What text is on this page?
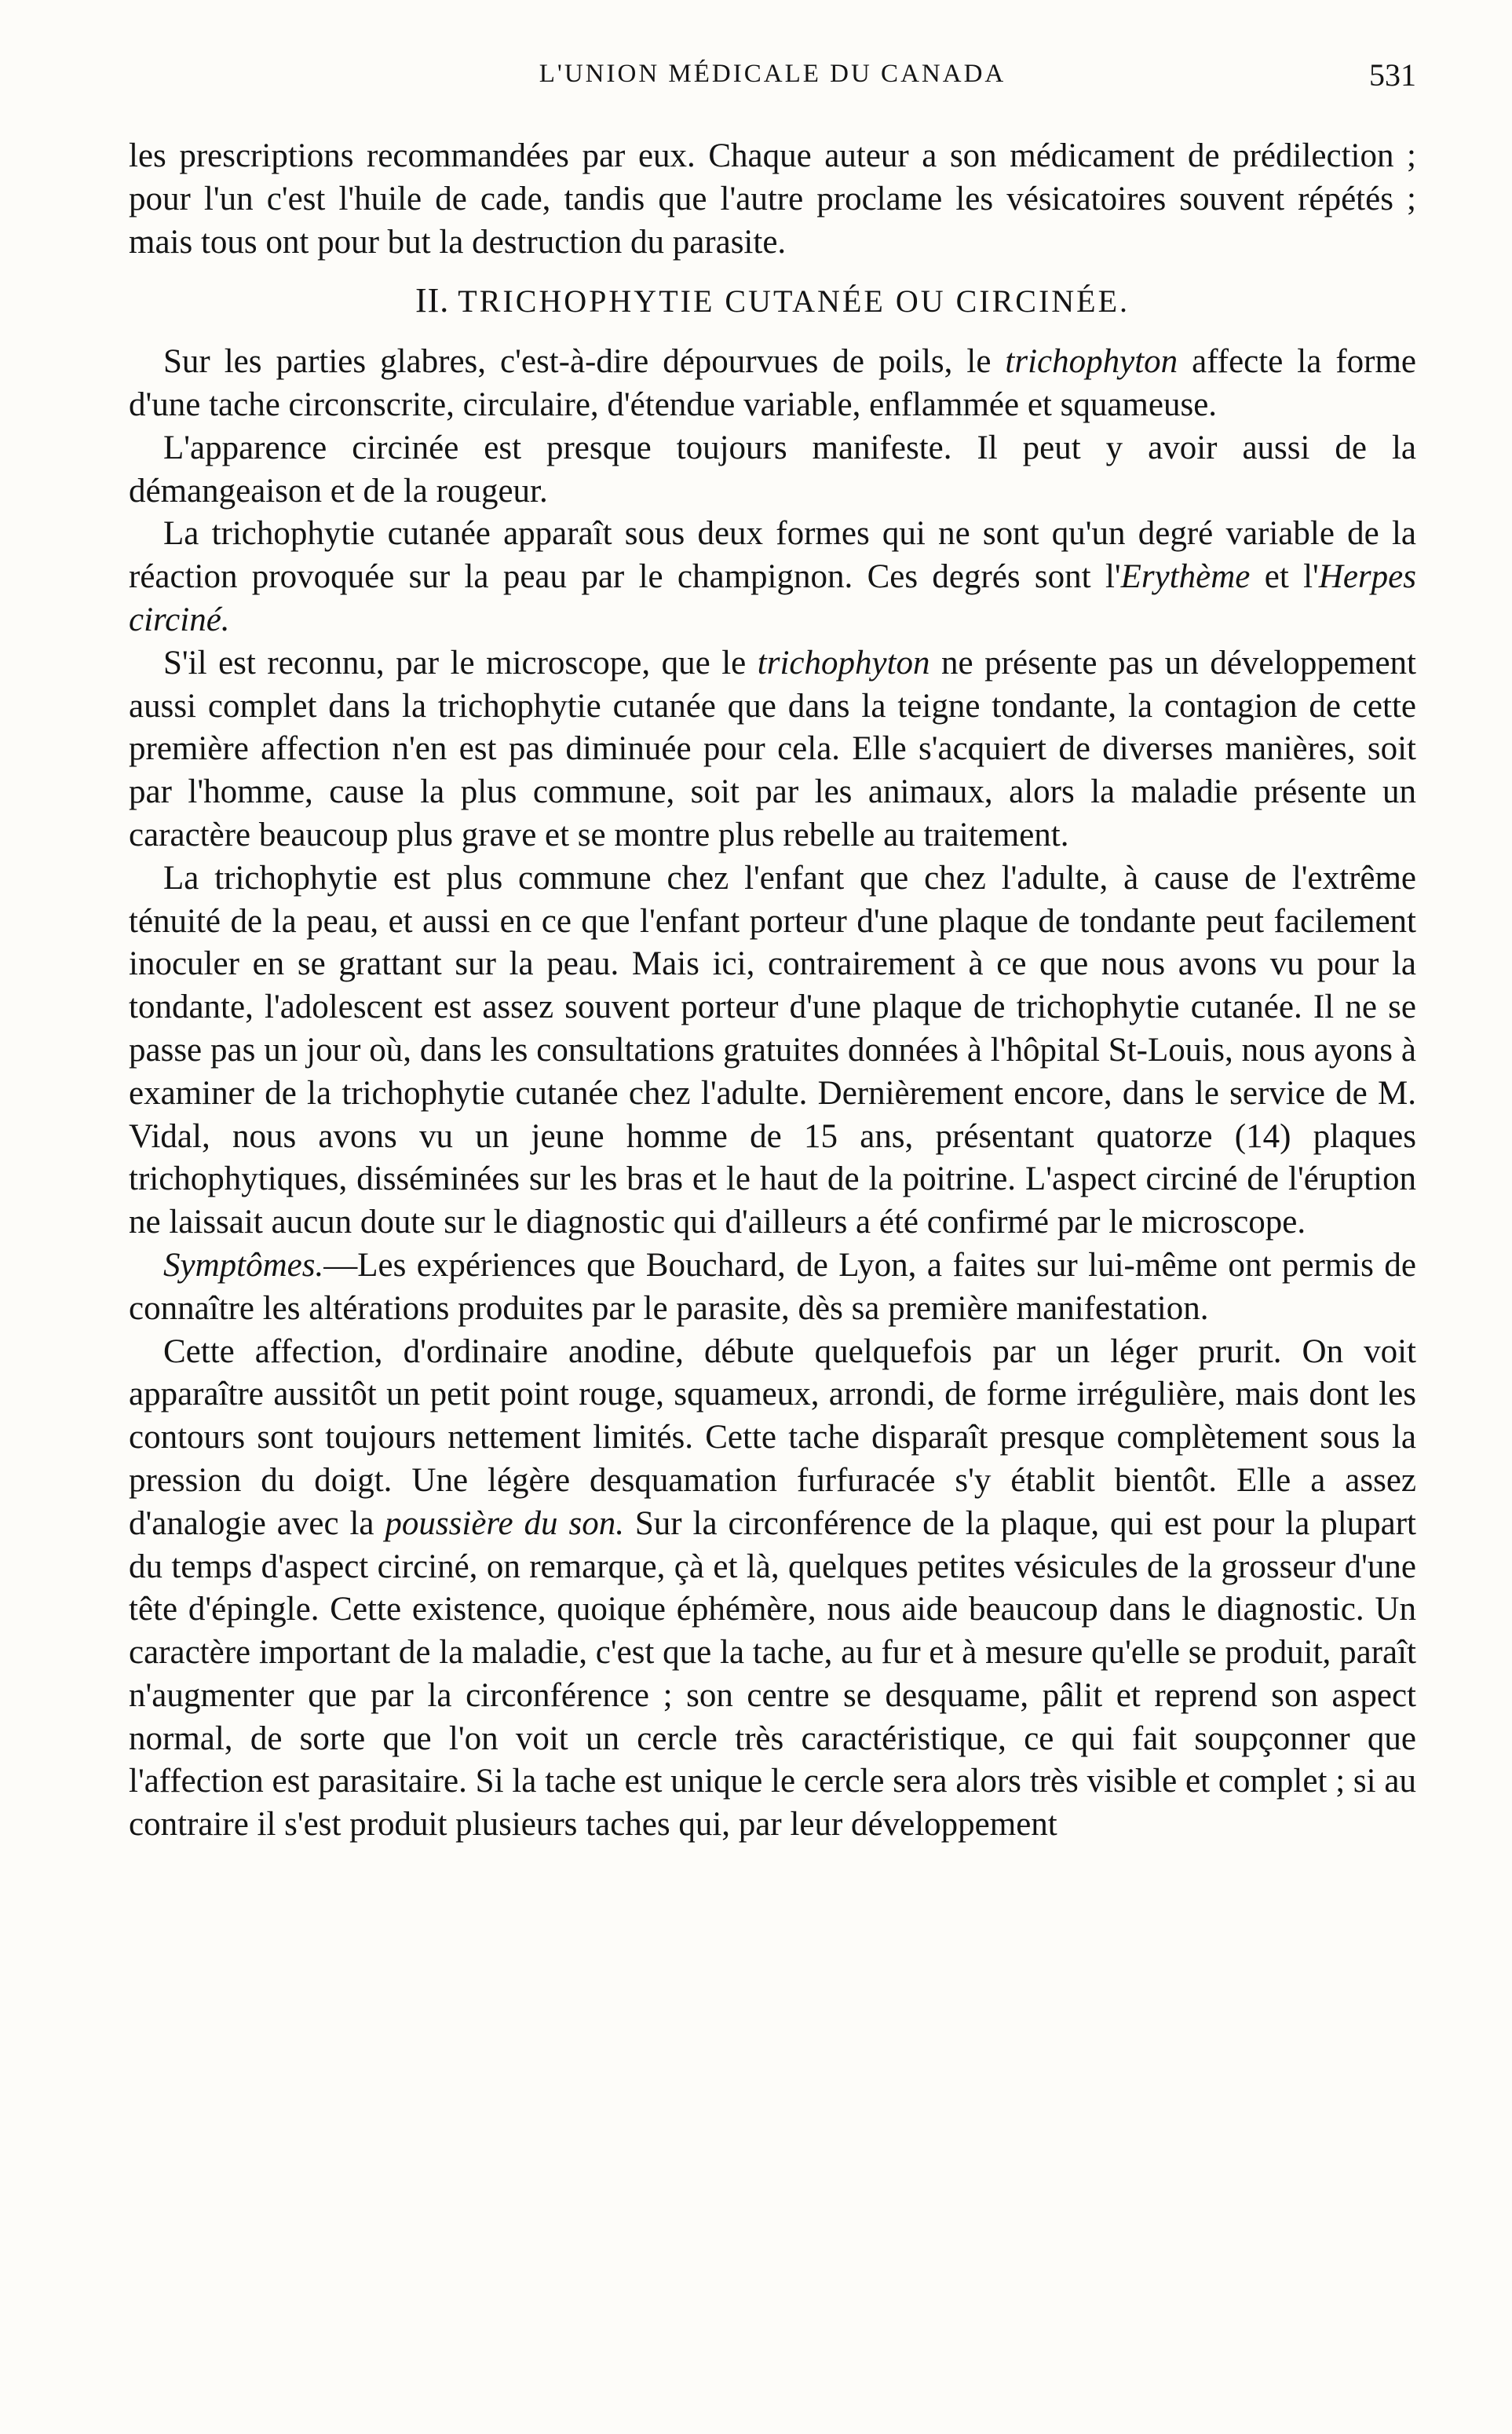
L'UNION MÉDICALE DU CANADA	531

les prescriptions recommandées par eux. Chaque auteur a son médicament de prédilection ; pour l'un c'est l'huile de cade, tandis que l'autre proclame les vésicatoires souvent répétés ; mais tous ont pour but la destruction du parasite.

II. TRICHOPHYTIE CUTANÉE OU CIRCINÉE.

Sur les parties glabres, c'est-à-dire dépourvues de poils, le trichophyton affecte la forme d'une tache circonscrite, circulaire, d'étendue variable, enflammée et squameuse.

L'apparence circinée est presque toujours manifeste. Il peut y avoir aussi de la démangeaison et de la rougeur.

La trichophytie cutanée apparaît sous deux formes qui ne sont qu'un degré variable de la réaction provoquée sur la peau par le champignon. Ces degrés sont l'Erythème et l'Herpes circiné.

S'il est reconnu, par le microscope, que le trichophyton ne présente pas un développement aussi complet dans la trichophytie cutanée que dans la teigne tondante, la contagion de cette première affection n'en est pas diminuée pour cela. Elle s'acquiert de diverses manières, soit par l'homme, cause la plus commune, soit par les animaux, alors la maladie présente un caractère beaucoup plus grave et se montre plus rebelle au traitement.

La trichophytie est plus commune chez l'enfant que chez l'adulte, à cause de l'extrême ténuité de la peau, et aussi en ce que l'enfant porteur d'une plaque de tondante peut facilement inoculer en se grattant sur la peau. Mais ici, contrairement à ce que nous avons vu pour la tondante, l'adolescent est assez souvent porteur d'une plaque de trichophytie cutanée. Il ne se passe pas un jour où, dans les consultations gratuites données à l'hôpital St-Louis, nous ayons à examiner de la trichophytie cutanée chez l'adulte. Dernièrement encore, dans le service de M. Vidal, nous avons vu un jeune homme de 15 ans, présentant quatorze (14) plaques trichophytiques, disséminées sur les bras et le haut de la poitrine. L'aspect circiné de l'éruption ne laissait aucun doute sur le diagnostic qui d'ailleurs a été confirmé par le microscope.

Symptômes.—Les expériences que Bouchard, de Lyon, a faites sur lui-même ont permis de connaître les altérations produites par le parasite, dès sa première manifestation.

Cette affection, d'ordinaire anodine, débute quelquefois par un léger prurit. On voit apparaître aussitôt un petit point rouge, squameux, arrondi, de forme irrégulière, mais dont les contours sont toujours nettement limités. Cette tache disparaît presque complètement sous la pression du doigt. Une légère desquamation furfuracée s'y établit bientôt. Elle a assez d'analogie avec la poussière du son. Sur la circonférence de la plaque, qui est pour la plupart du temps d'aspect circiné, on remarque, çà et là, quelques petites vésicules de la grosseur d'une tête d'épingle. Cette existence, quoique éphémère, nous aide beaucoup dans le diagnostic. Un caractère important de la maladie, c'est que la tache, au fur et à mesure qu'elle se produit, paraît n'augmenter que par la circonférence ; son centre se desquame, pâlit et reprend son aspect normal, de sorte que l'on voit un cercle très caractéristique, ce qui fait soupçonner que l'affection est parasitaire. Si la tache est unique le cercle sera alors très visible et complet ; si au contraire il s'est produit plusieurs taches qui, par leur développement
